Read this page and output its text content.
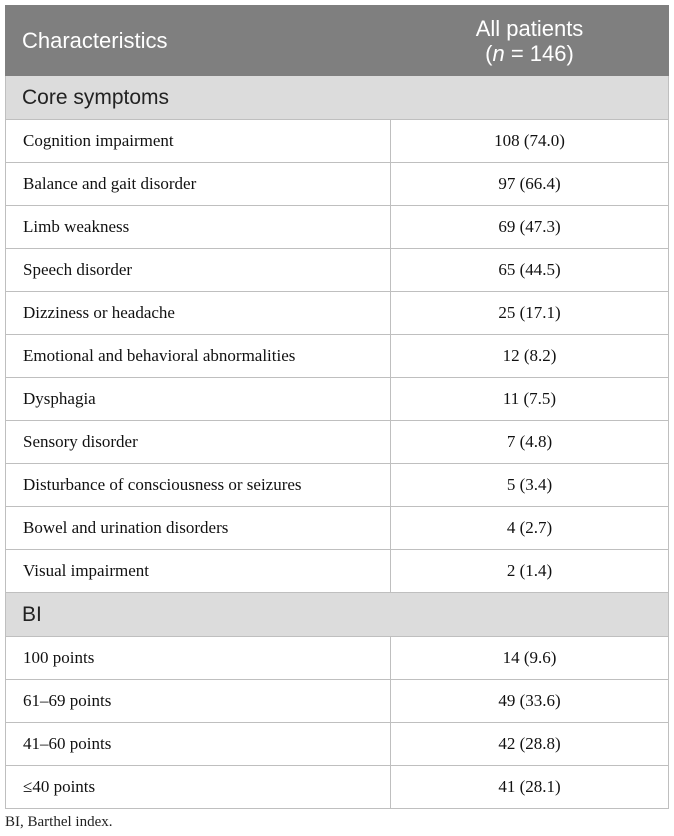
Characteristics	All patients
(n = 146)
Core symptoms	
Cognition impairment	108 (74.0)
Balance and gait disorder	97 (66.4)
Limb weakness	69 (47.3)
Speech disorder	65 (44.5)
Dizziness or headache	25 (17.1)
Emotional and behavioral abnormalities	12 (8.2)
Dysphagia	11 (7.5)
Sensory disorder	7 (4.8)
Disturbance of consciousness or seizures	5 (3.4)
Bowel and urination disorders	4 (2.7)
Visual impairment	2 (1.4)
BI	
100 points	14 (9.6)
61–69 points	49 (33.6)
41–60 points	42 (28.8)
≤40 points	41 (28.1)
BI, Barthel index.
